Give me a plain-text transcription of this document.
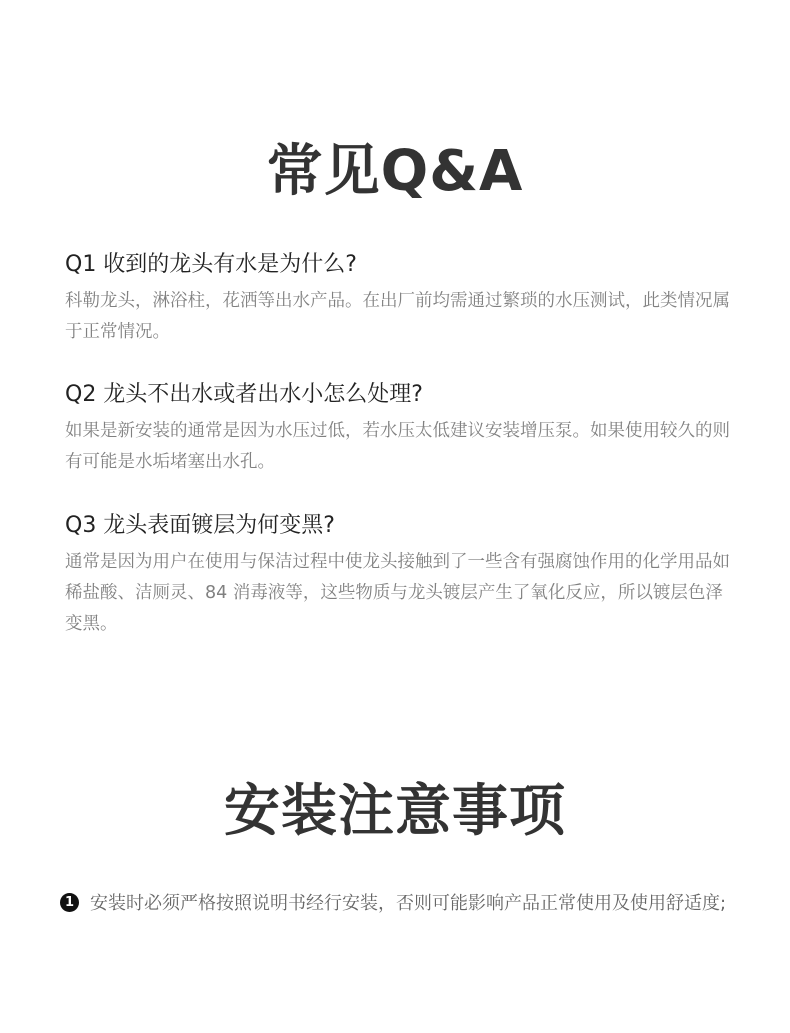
常见Q&A
Q1 收到的龙头有水是为什么?

科勒龙头，淋浴柱，花洒等出水产品。在出厂前均需通过繁琐的水压测试，此类情况属于正常情况。

Q2 龙头不出水或者出水小怎么处理?

如果是新安装的通常是因为水压过低，若水压太低建议安装增压泵。如果使用较久的则有可能是水垢堵塞出水孔。

Q3 龙头表面镀层为何变黑?

通常是因为用户在使用与保洁过程中使龙头接触到了一些含有强腐蚀作用的化学用品如稀盐酸、洁厕灵、84 消毒液等，这些物质与龙头镀层产生了氧化反应，所以镀层色泽变黑。

安装注意事项
1 安装时必须严格按照说明书经行安装，否则可能影响产品正常使用及使用舒适度;
